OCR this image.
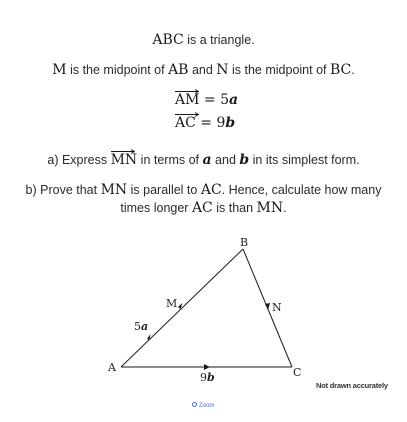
ABC is a triangle.
M is the midpoint of AB and N is the midpoint of BC.
AM = 5a
AC = 9b
a) Express
MN in terms of a and b in its simplest form.
b) Prove that MN is parallel to AC. Hence, calculate how many
times longer AC is than MN.
A
B
C
M	N
5a
9b
Not drawn accurately
Zoom
